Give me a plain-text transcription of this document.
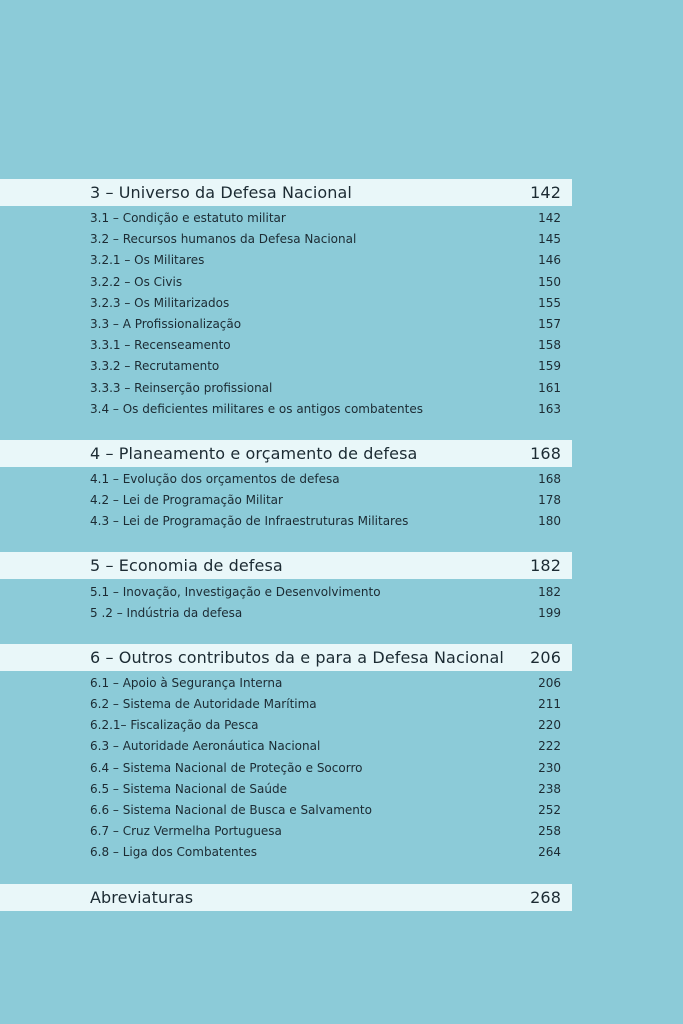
3 – Universo da Defesa Nacional	142
3.1 – Condição e estatuto militar	142
3.2 – Recursos humanos da Defesa Nacional	145
3.2.1 – Os Militares	146
3.2.2 – Os Civis	150
3.2.3 – Os Militarizados	155
3.3 – A Profissionalização	157
3.3.1 – Recenseamento	158
3.3.2 – Recrutamento	159
3.3.3 – Reinserção profissional	161
3.4 – Os deficientes militares e os antigos combatentes	163
4 – Planeamento e orçamento de defesa	168
4.1 – Evolução dos orçamentos de defesa	168
4.2 – Lei de Programação Militar	178
4.3 – Lei de Programação de Infraestruturas Militares	180
5 – Economia de defesa	182
5.1 – Inovação, Investigação e Desenvolvimento	182
5 .2 – Indústria da defesa	199
6 – Outros contributos da e para a Defesa Nacional 206
6.1 – Apoio à Segurança Interna	206
6.2 – Sistema de Autoridade Marítima	211
6.2.1– Fiscalização da Pesca	220
6.3 – Autoridade Aeronáutica Nacional	222
6.4 – Sistema Nacional de Proteção e Socorro	230
6.5 – Sistema Nacional de Saúde	238
6.6 – Sistema Nacional de Busca e Salvamento	252
6.7 – Cruz Vermelha Portuguesa	258
6.8 – Liga dos Combatentes	264
Abreviaturas	268
